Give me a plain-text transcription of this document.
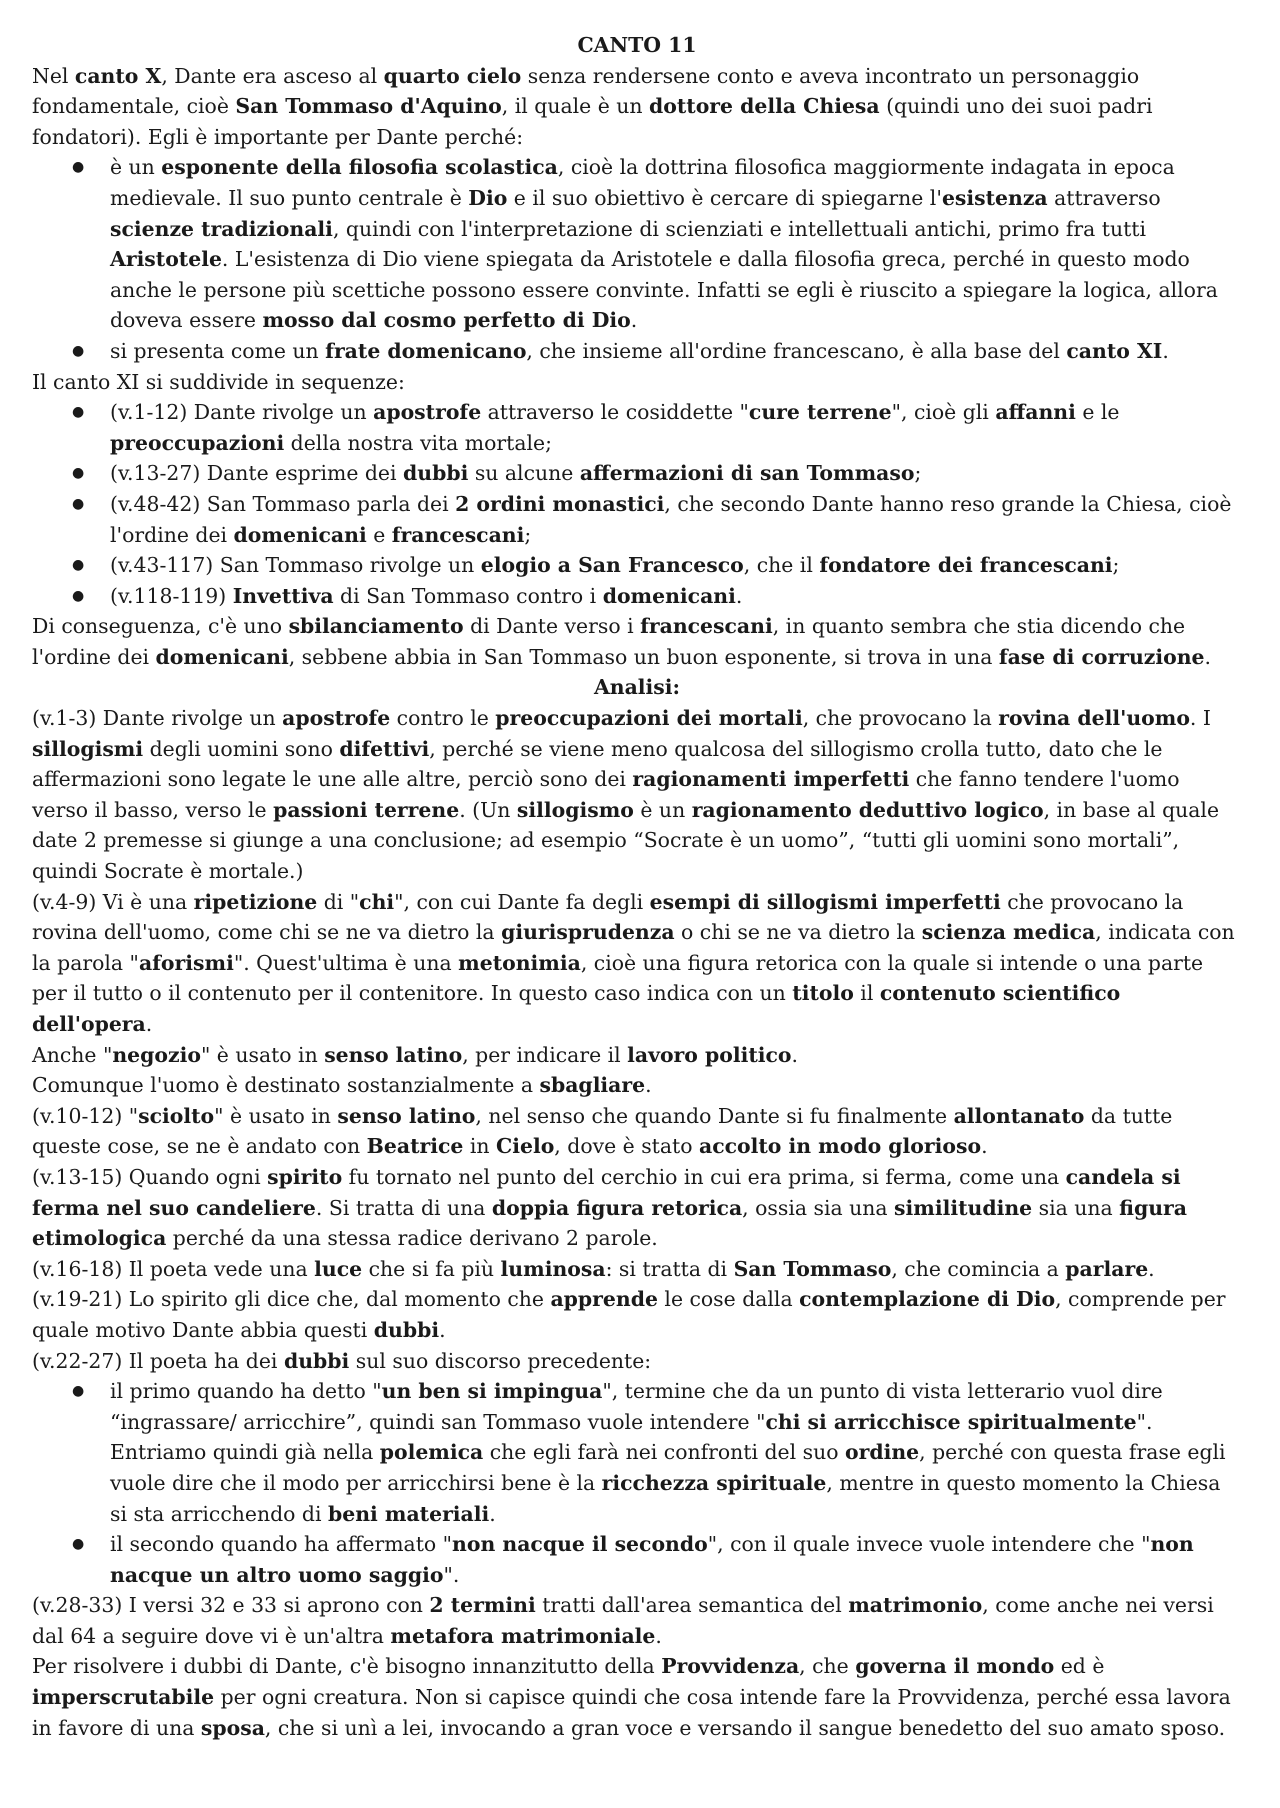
CANTO 11

Nel canto X, Dante era asceso al quarto cielo senza rendersene conto e aveva incontrato un personaggio fondamentale, cioè San Tommaso d'Aquino, il quale è un dottore della Chiesa (quindi uno dei suoi padri fondatori). Egli è importante per Dante perché:

● è un esponente della filosofia scolastica, cioè la dottrina filosofica maggiormente indagata in epoca medievale. Il suo punto centrale è Dio e il suo obiettivo è cercare di spiegarne l'esistenza attraverso scienze tradizionali, quindi con l'interpretazione di scienziati e intellettuali antichi, primo fra tutti Aristotele. L'esistenza di Dio viene spiegata da Aristotele e dalla filosofia greca, perché in questo modo anche le persone più scettiche possono essere convinte. Infatti se egli è riuscito a spiegare la logica, allora doveva essere mosso dal cosmo perfetto di Dio.
● si presenta come un frate domenicano, che insieme all'ordine francescano, è alla base del canto XI.

Il canto XI si suddivide in sequenze:

● (v.1-12) Dante rivolge un apostrofe attraverso le cosiddette "cure terrene", cioè gli affanni e le preoccupazioni della nostra vita mortale;
● (v.13-27) Dante esprime dei dubbi su alcune affermazioni di san Tommaso;
● (v.48-42) San Tommaso parla dei 2 ordini monastici, che secondo Dante hanno reso grande la Chiesa, cioè l'ordine dei domenicani e francescani;
● (v.43-117) San Tommaso rivolge un elogio a San Francesco, che il fondatore dei francescani;
● (v.118-119) Invettiva di San Tommaso contro i domenicani.

Di conseguenza, c'è uno sbilanciamento di Dante verso i francescani, in quanto sembra che stia dicendo che l'ordine dei domenicani, sebbene abbia in San Tommaso un buon esponente, si trova in una fase di corruzione.

Analisi:

(v.1-3) Dante rivolge un apostrofe contro le preoccupazioni dei mortali, che provocano la rovina dell'uomo. I sillogismi degli uomini sono difettivi, perché se viene meno qualcosa del sillogismo crolla tutto, dato che le affermazioni sono legate le une alle altre, perciò sono dei ragionamenti imperfetti che fanno tendere l'uomo verso il basso, verso le passioni terrene. (Un sillogismo è un ragionamento deduttivo logico, in base al quale date 2 premesse si giunge a una conclusione; ad esempio “Socrate è un uomo”, “tutti gli uomini sono mortali”, quindi Socrate è mortale.)

(v.4-9) Vi è una ripetizione di "chi", con cui Dante fa degli esempi di sillogismi imperfetti che provocano la rovina dell'uomo, come chi se ne va dietro la giurisprudenza o chi se ne va dietro la scienza medica, indicata con la parola "aforismi". Quest'ultima è una metonimia, cioè una figura retorica con la quale si intende o una parte per il tutto o il contenuto per il contenitore. In questo caso indica con un titolo il contenuto scientifico dell'opera.

Anche "negozio" è usato in senso latino, per indicare il lavoro politico.

Comunque l'uomo è destinato sostanzialmente a sbagliare.

(v.10-12) "sciolto" è usato in senso latino, nel senso che quando Dante si fu finalmente allontanato da tutte queste cose, se ne è andato con Beatrice in Cielo, dove è stato accolto in modo glorioso.

(v.13-15) Quando ogni spirito fu tornato nel punto del cerchio in cui era prima, si ferma, come una candela si ferma nel suo candeliere. Si tratta di una doppia figura retorica, ossia sia una similitudine sia una figura etimologica perché da una stessa radice derivano 2 parole.

(v.16-18) Il poeta vede una luce che si fa più luminosa: si tratta di San Tommaso, che comincia a parlare.

(v.19-21) Lo spirito gli dice che, dal momento che apprende le cose dalla contemplazione di Dio, comprende per quale motivo Dante abbia questi dubbi.

(v.22-27) Il poeta ha dei dubbi sul suo discorso precedente:

● il primo quando ha detto "un ben si impingua", termine che da un punto di vista letterario vuol dire “ingrassare/ arricchire”, quindi san Tommaso vuole intendere "chi si arricchisce spiritualmente". Entriamo quindi già nella polemica che egli farà nei confronti del suo ordine, perché con questa frase egli vuole dire che il modo per arricchirsi bene è la ricchezza spirituale, mentre in questo momento la Chiesa si sta arricchendo di beni materiali.
● il secondo quando ha affermato "non nacque il secondo", con il quale invece vuole intendere che "non nacque un altro uomo saggio".

(v.28-33) I versi 32 e 33 si aprono con 2 termini tratti dall'area semantica del matrimonio, come anche nei versi dal 64 a seguire dove vi è un'altra metafora matrimoniale.

Per risolvere i dubbi di Dante, c'è bisogno innanzitutto della Provvidenza, che governa il mondo ed è imperscrutabile per ogni creatura. Non si capisce quindi che cosa intende fare la Provvidenza, perché essa lavora in favore di una sposa, che si unì a lei, invocando a gran voce e versando il sangue benedetto del suo amato sposo.
